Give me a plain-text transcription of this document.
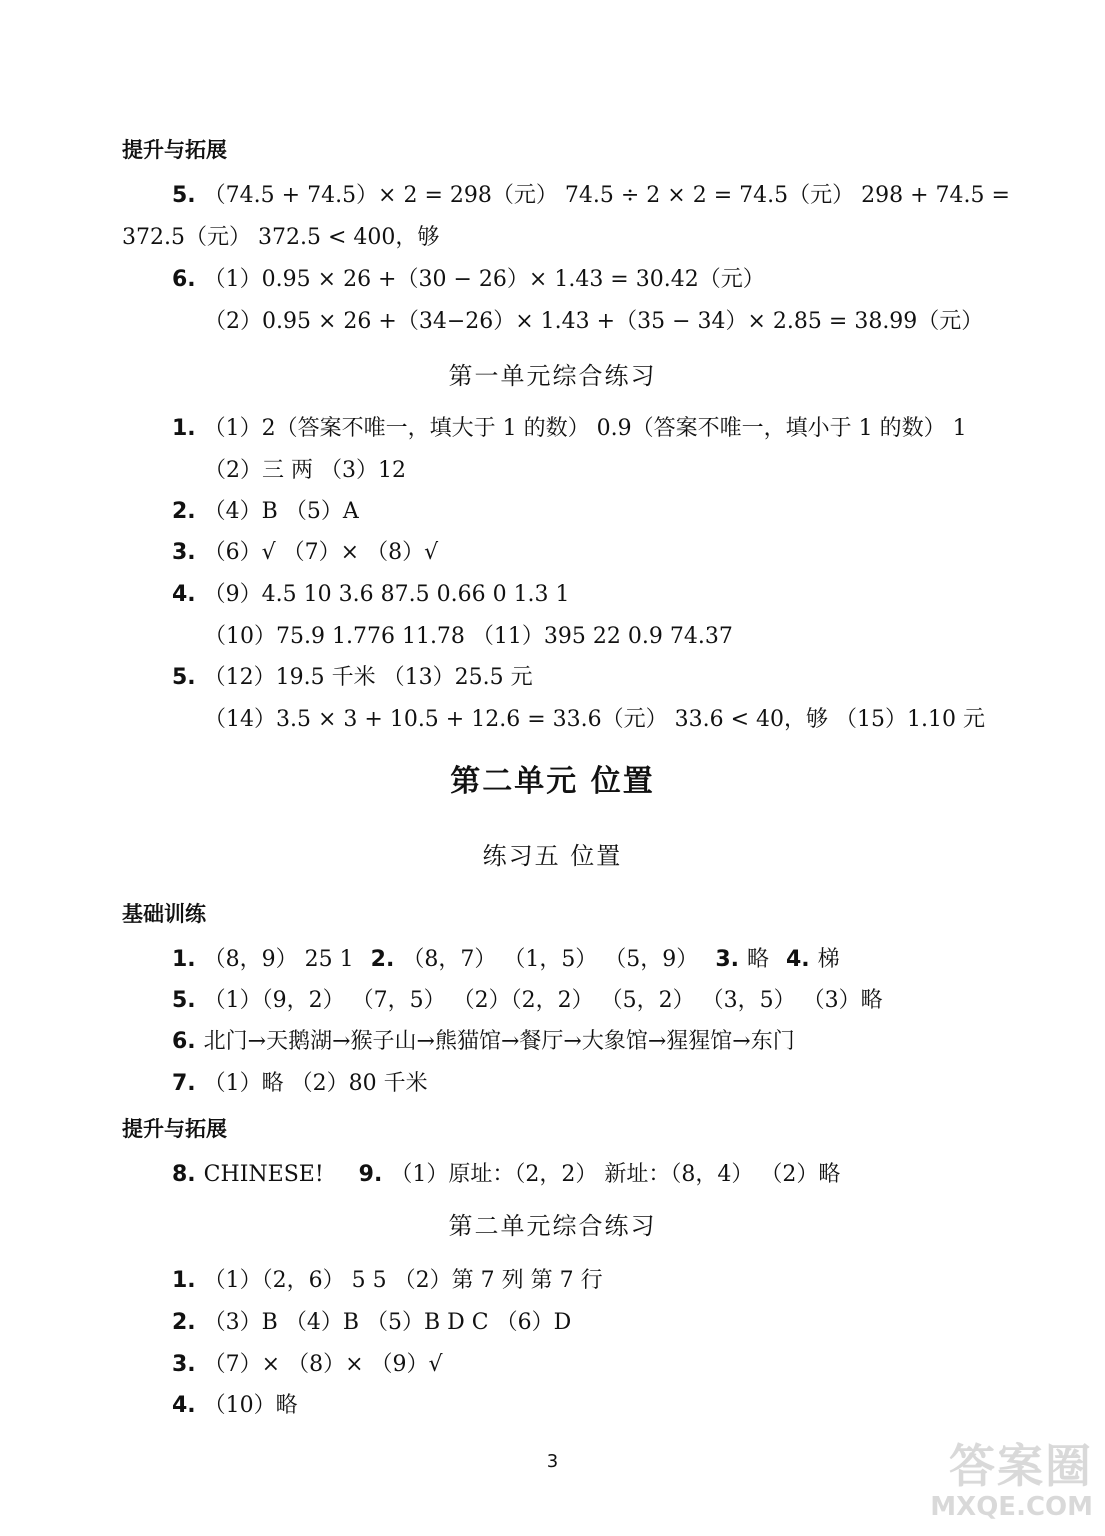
提升与拓展
5. （74.5 + 74.5）× 2 = 298（元） 74.5 ÷ 2 × 2 = 74.5（元） 298 + 74.5 =
372.5（元） 372.5 < 400，够
6. （1）0.95 × 26 +（30 − 26）× 1.43 = 30.42（元）
（2）0.95 × 26 +（34−26）× 1.43 +（35 − 34）× 2.85 = 38.99（元）
第一单元综合练习
1. （1）2（答案不唯一，填大于 1 的数） 0.9（答案不唯一，填小于 1 的数） 1
（2）三 两 （3）12
2. （4）B （5）A
3. （6）√ （7）× （8）√
4. （9）4.5 10 3.6 87.5 0.66 0 1.3 1
（10）75.9 1.776 11.78 （11）395 22 0.9 74.37
5. （12）19.5 千米 （13）25.5 元
（14）3.5 × 3 + 10.5 + 12.6 = 33.6（元） 33.6 < 40，够 （15）1.10 元
第二单元 位置
练习五 位置
基础训练
1. （8，9） 25 1 2. （8，7） （1，5） （5，9） 3. 略 4. 梯
5. （1）（9，2） （7，5） （2）（2，2） （5，2） （3，5） （3）略
6. 北门→天鹅湖→猴子山→熊猫馆→餐厅→大象馆→猩猩馆→东门
7. （1）略 （2）80 千米
提升与拓展
8. CHINESE! 9. （1）原址：（2，2） 新址：（8，4） （2）略
第二单元综合练习
1. （1）（2，6） 5 5 （2）第 7 列 第 7 行
2. （3）B （4）B （5）B D C （6）D
3. （7）× （8）× （9）√
4. （10）略
3	答案圈
MXQE.COM
